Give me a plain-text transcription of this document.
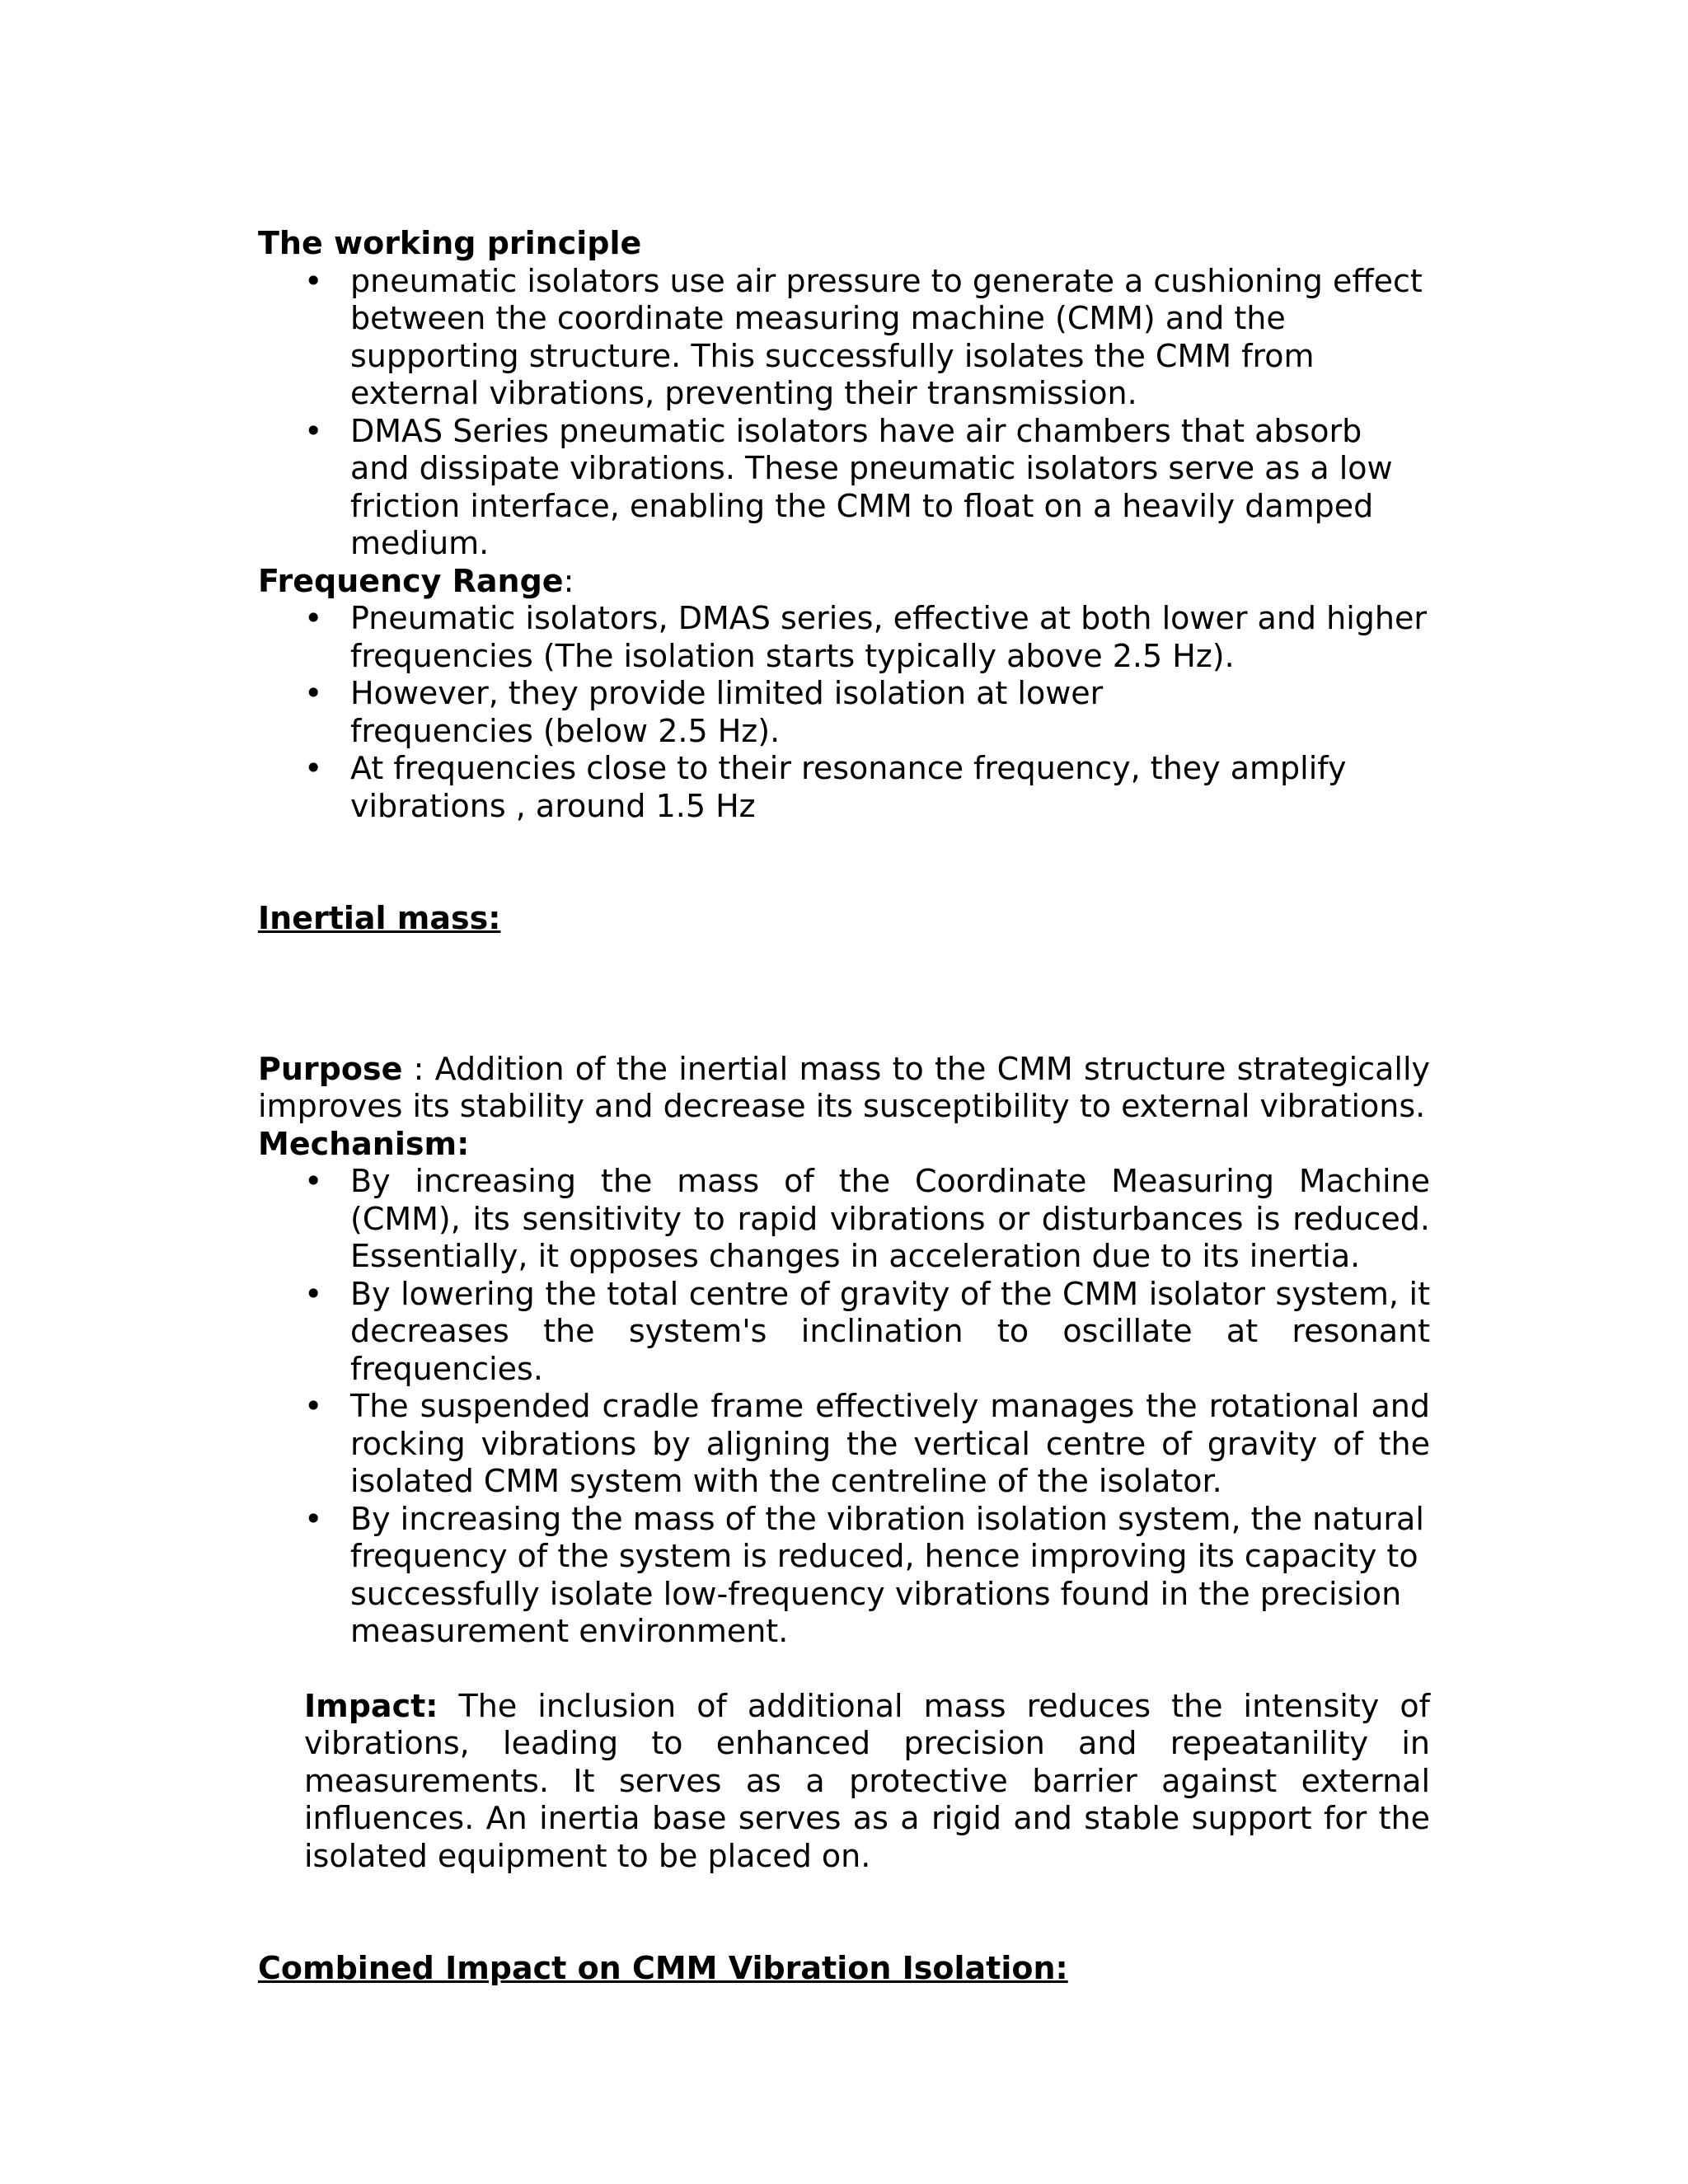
The working principle

• pneumatic isolators use air pressure to generate a cushioning effect between the coordinate measuring machine (CMM) and the supporting structure. This successfully isolates the CMM from external vibrations, preventing their transmission.
• DMAS Series pneumatic isolators have air chambers that absorb and dissipate vibrations. These pneumatic isolators serve as a low friction interface, enabling the CMM to float on a heavily damped medium.

Frequency Range:

• Pneumatic isolators, DMAS series, effective at both lower and higher frequencies (The isolation starts typically above 2.5 Hz).
• However, they provide limited isolation at lower frequencies (below 2.5 Hz).
• At frequencies close to their resonance frequency, they amplify vibrations , around 1.5 Hz

Inertial mass:

Purpose : Addition of the inertial mass to the CMM structure strategically improves its stability and decrease its susceptibility to external vibrations.

Mechanism:

• By increasing the mass of the Coordinate Measuring Machine (CMM), its sensitivity to rapid vibrations or disturbances is reduced. Essentially, it opposes changes in acceleration due to its inertia.
• By lowering the total centre of gravity of the CMM isolator system, it decreases the system's inclination to oscillate at resonant frequencies.
• The suspended cradle frame effectively manages the rotational and rocking vibrations by aligning the vertical centre of gravity of the isolated CMM system with the centreline of the isolator.
• By increasing the mass of the vibration isolation system, the natural frequency of the system is reduced, hence improving its capacity to successfully isolate low-frequency vibrations found in the precision measurement environment.

Impact: The inclusion of additional mass reduces the intensity of vibrations, leading to enhanced precision and repeatanility in measurements. It serves as a protective barrier against external influences. An inertia base serves as a rigid and stable support for the isolated equipment to be placed on.

Combined Impact on CMM Vibration Isolation:
